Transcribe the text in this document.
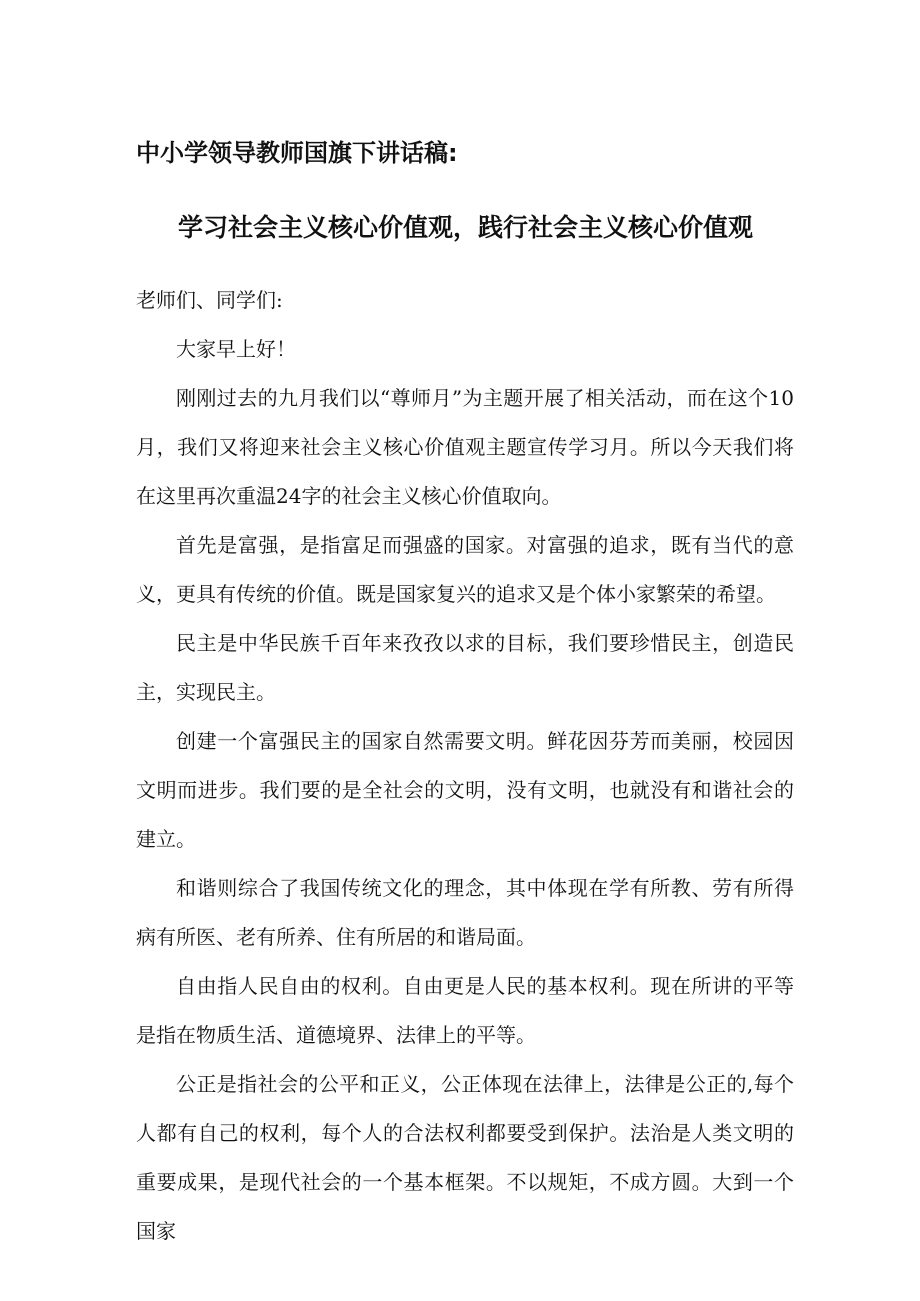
中小学领导教师国旗下讲话稿:
学习社会主义核心价值观，践行社会主义核心价值观

老师们、同学们:

大家早上好！

刚刚过去的九月我们以“尊师月”为主题开展了相关活动，而在这个10月，我们又将迎来社会主义核心价值观主题宣传学习月。所以今天我们将在这里再次重温24字的社会主义核心价值取向。

首先是富强，是指富足而强盛的国家。对富强的追求，既有当代的意义，更具有传统的价值。既是国家复兴的追求又是个体小家繁荣的希望。

民主是中华民族千百年来孜孜以求的目标，我们要珍惜民主，创造民主，实现民主。

创建一个富强民主的国家自然需要文明。鲜花因芬芳而美丽，校园因文明而进步。我们要的是全社会的文明，没有文明，也就没有和谐社会的建立。

和谐则综合了我国传统文化的理念，其中体现在学有所教、劳有所得病有所医、老有所养、住有所居的和谐局面。

自由指人民自由的权利。自由更是人民的基本权利。现在所讲的平等是指在物质生活、道德境界、法律上的平等。

公正是指社会的公平和正义，公正体现在法律上，法律是公正的,每个人都有自己的权利，每个人的合法权利都要受到保护。法治是人类文明的重要成果，是现代社会的一个基本框架。不以规矩，不成方圆。大到一个国家
